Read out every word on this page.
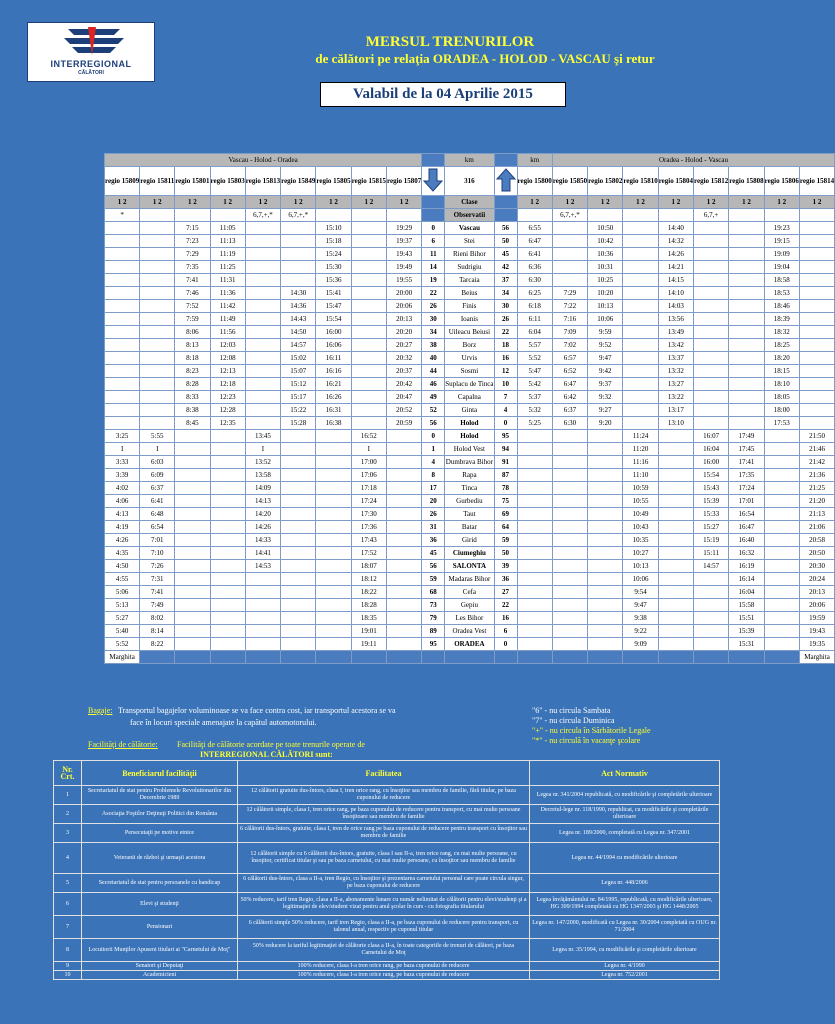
INTERREGIONAL
CĂLĂTORI
MERSUL TRENURILOR
de călători pe relaţia ORADEA - HOLOD - VASCAU şi retur
Valabil de la 04 Aprilie 2015
Vascau - Holod - Oradea										km		km	Oradea - Holod - Vascau							
regio 15809	regio 15811	regio 15801	regio 15803	regio 15813	regio 15849	regio 15805	regio 15815	regio 15807		316		regio 15800	regio 15850	regio 15802	regio 15810	regio 15804	regio 15812	regio 15808	regio 15806	regio 15814
1 2	1 2	1 2	1 2	1 2	1 2	1 2	1 2	1 2		Clase		1 2	1 2	1 2	1 2	1 2	1 2	1 2	1 2	1 2
*				6,7,+,*	6,7,+,*					Observatii			6,7,+,*				6,7,+			
		7:15	11:05			15:10		19:29	0	Vascau	56	6:55		10:50		14:40			19:23	
		7:23	11:13			15:18		19:37	6	Stei	50	6:47		10:42		14:32			19:15	
		7:29	11:19			15:24		19:43	11	Rieni Bihor	45	6:41		10:36		14:26			19:09	
		7:35	11:25			15:30		19:49	14	Sudrigiu	42	6:36		10:31		14:21			19:04	
		7:41	11:31			15:36		19:55	19	Tarcaia	37	6:30		10:25		14:15			18:58	
		7:46	11:36		14:30	15:41		20:00	22	Beius	34	6:25	7:29	10:20		14:10			18:53	
		7:52	11:42		14:36	15:47		20:06	26	Finis	30	6:18	7:22	10:13		14:03			18:46	
		7:59	11:49		14:43	15:54		20:13	30	Ioanis	26	6:11	7:16	10:06		13:56			18:39	
		8:06	11:56		14:50	16:00		20:20	34	Uileacu Beiusi	22	6:04	7:09	9:59		13:49			18:32	
		8:13	12:03		14:57	16:06		20:27	38	Borz	18	5:57	7:02	9:52		13:42			18:25	
		8:18	12:08		15:02	16:11		20:32	40	Urvis	16	5:52	6:57	9:47		13:37			18:20	
		8:23	12:13		15:07	16:16		20:37	44	Sosmi	12	5:47	6:52	9:42		13:32			18:15	
		8:28	12:18		15:12	16:21		20:42	46	Suplacu de Tinca	10	5:42	6:47	9:37		13:27			18:10	
		8:33	12:23		15:17	16:26		20:47	49	Capalna	7	5:37	6:42	9:32		13:22			18:05	
		8:38	12:28		15:22	16:31		20:52	52	Ginta	4	5:32	6:37	9:27		13:17			18:00	
		8:45	12:35		15:28	16:38		20:59	56	Holod	0	5:25	6:30	9:20		13:10			17:53	
3:25	5:55			13:45			16:52		0	Holod	95				11:24		16:07	17:49		21:50
I	I			I			I		1	Holod Vest	94				11:20		16:04	17:45		21:46
3:33	6:03			13:52			17:00		4	Dumbrava Bihor	91				11:16		16:00	17:41		21:42
3:39	6:09			13:58			17:06		8	Rapa	87				11:10		15:54	17:35		21:36
4:02	6:37			14:09			17:18		17	Tinca	78				10:59		15:43	17:24		21:25
4:06	6:41			14:13			17:24		20	Gurbediu	75				10:55		15:39	17:01		21:20
4:13	6:48			14:20			17:30		26	Taut	69				10:49		15:33	16:54		21:13
4:19	6:54			14:26			17:36		31	Batar	64				10:43		15:27	16:47		21:06
4:26	7:01			14:33			17:43		36	Girid	59				10:35		15:19	16:40		20:58
4:35	7:10			14:41			17:52		45	Ciumeghiu	50				10:27		15:11	16:32		20:50
4:50	7:26			14:53			18:07		56	SALONTA	39				10:13		14:57	16:19		20:30
4:55	7:31						18:12		59	Madaras Bihor	36				10:06			16:14		20:24
5:06	7:41						18:22		68	Cefa	27				9:54			16:04		20:13
5:13	7:49						18:28		73	Gepiu	22				9:47			15:58		20:06
5:27	8:02						18:35		79	Les Bihor	16				9:38			15:51		19:59
5:40	8:14						19:01		89	Oradea Vest	6				9:22			15:39		19:43
5:52	8:22						19:11		95	ORADEA	0				9:09			15:31		19:35
Marghita																				Marghita
Bagaje: Transportul bagajelor voluminoase se va face contra cost, iar transportul acestora se va
face în locuri speciale amenajate la capătul automotorului.
Facilităţi de călătorie: Facilităţi de călătorie acordate pe toate trenurile operate de
INTERREGIONAL CĂLĂTORI sunt:
"6" - nu circula Sambata
"7" - nu circula Duminica
"+" - nu circula în Sărbătorile Legale
"*" - nu circulă în vacanţe şcolare
Nr. Crt.	Beneficiarul facilităţii	Facilitatea	Act Normativ
1	Secretariatul de stat pentru Problemele Revolutionarilor din Decembrie 1989	12 călătorii gratuite dus-întors, clasa I, tren orice rang, cu însoţitor sau membru de familie, fără titular, pe baza cuponului de reducere	Legea nr. 341/2004 republicată, cu modificările şi completările ulterioare
2	Asociaţia Foştilor Deţinuţi Politici din România	12 călătorii simple, clasa I, tren orice rang, pe baza cuponului de reducere pentru transport, cu mai multe persoane însoţitoare sau membru de familie	Decretul-lege nr. 118/1990, republicat, cu modificările şi completările ulterioare
3	Persecutaţii pe motive etnice	6 călătorii dus-întors, gratuite, clasa I, tren de orice rang pe baza cuponului de reducere pentru transport cu însoţitor sau membru de familie	Legea nr. 189/2000, completată cu Legea nr. 347/2001
4	Veteranii de război şi urmaşii acestora	12 călătorii simple cu 6 călătorii dus-întors, gratuite, clasa I sau II-a, tren orice rang, cu mai multe persoane, cu însoţitor, certificat titular şi sau pe baza carnetului, cu mai multe persoane, cu însoţitor sau membru de familie	Legea nr. 44/1994 cu modificările ulterioare
5	Secretariatul de stat pentru persoanele cu handicap	6 călătorii dus-întors, clasa a II-a, tren Regio, cu însoţitor şi prezentarea carnetului personal care poate circula singur, pe baza cuponului de reducere	Legea nr. 448/2006
6	Elevi şi studenţi	50% reducere, tarif tren Regio, clasa a II-a, abonamente lunare cu număr nelimitat de călătorii pentru elevi/studenţi şi a legitimaţiei de elev/student vizat pentru anul şcolar în curs - cu fotografia titularului	Legea învăţământului nr. 84/1995, republicată, cu modificările ulterioare, HG 309/1994 completată cu HG 1347/2003 şi HG 1448/2005
7	Pensionari	6 călătorii simple 50% reducere, tarif tren Regio, clasa a II-a, pe baza cuponului de reducere pentru transport, cu talonul anual, respectiv pe cuponul titular	Legea nr. 147/2000, modificată cu Legea nr. 30/2004 completată cu OUG nr. 71/2004
8	Locuitorii Munţilor Apuseni titulari ai "Carnetului de Moţ"	50% reducere la tariful legitimaţiei de călătorie clasa a II-a, în toate categoriile de trenuri de călători, pe baza Carnetului de Moţ	Legea nr. 35/1994, cu modificările şi completările ulterioare
9	Senatori şi Deputaţi	100% reducere, clasa I-a tren orice rang, pe baza cuponului de reducere	Legea nr. 4/1990
10	Academicieni	100% reducere, clasa I-a tren orice rang, pe baza cuponului de reducere	Legea nr. 752/2001
